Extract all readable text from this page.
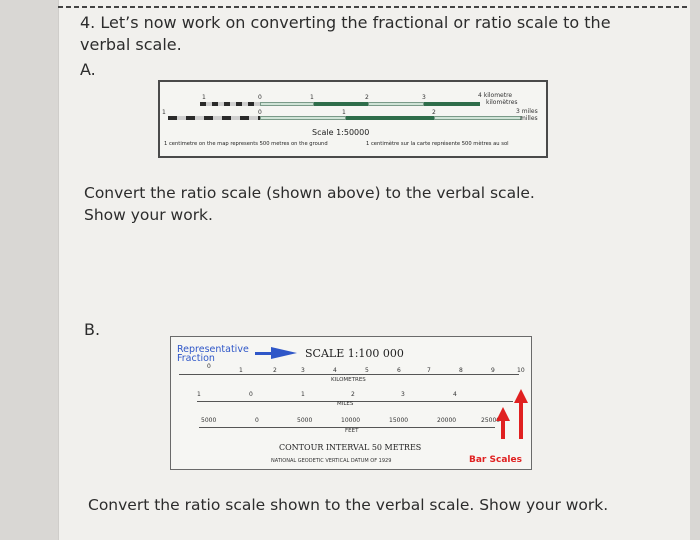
4. Let’s now work on converting the fractional or ratio scale to the verbal scale.
A.
1	0	1	2	3	4 kilometre
kilomètres
1	0	1	2	3 miles
milles
Scale 1:50000
1 centimetre on the map represents 500 metres on the ground	1 centimètre sur la carte représente 500 mètres au sol
Convert the ratio scale (shown above) to the verbal scale. Show your work.
B.
Representative Fraction	SCALE 1:100 000
0
1	2	3	4	5	6	7	8	9	10
KILOMETRES
1	0	1	2	3	4
MILES
5000	0	5000	10000	15000	20000	25000
FEET
CONTOUR INTERVAL 50 METRES
NATIONAL GEODETIC VERTICAL DATUM OF 1929	Bar Scales
Convert the ratio scale shown to the verbal scale. Show your work.
